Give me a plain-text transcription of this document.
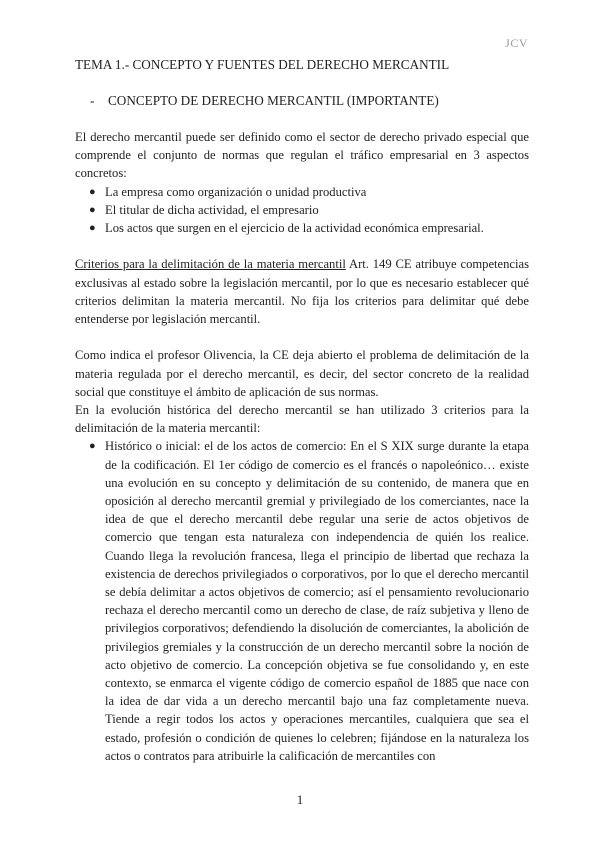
JCV
TEMA 1.- CONCEPTO Y FUENTES DEL DERECHO MERCANTIL
- CONCEPTO DE DERECHO MERCANTIL (IMPORTANTE)

El derecho mercantil puede ser definido como el sector de derecho privado especial que comprende el conjunto de normas que regulan el tráfico empresarial en 3 aspectos concretos:

● La empresa como organización o unidad productiva
● El titular de dicha actividad, el empresario
● Los actos que surgen en el ejercicio de la actividad económica empresarial.

Criterios para la delimitación de la materia mercantil Art. 149 CE atribuye competencias exclusivas al estado sobre la legislación mercantil, por lo que es necesario establecer qué criterios delimitan la materia mercantil. No fija los criterios para delimitar qué debe entenderse por legislación mercantil.

Como indica el profesor Olivencia, la CE deja abierto el problema de delimitación de la materia regulada por el derecho mercantil, es decir, del sector concreto de la realidad social que constituye el ámbito de aplicación de sus normas.

En la evolución histórica del derecho mercantil se han utilizado 3 criterios para la delimitación de la materia mercantil:

● Histórico o inicial: el de los actos de comercio: En el S XIX surge durante la etapa de la codificación. El 1er código de comercio es el francés o napoleónico… existe una evolución en su concepto y delimitación de su contenido, de manera que en oposición al derecho mercantil gremial y privilegiado de los comerciantes, nace la idea de que el derecho mercantil debe regular una serie de actos objetivos de comercio que tengan esta naturaleza con independencia de quién los realice. Cuando llega la revolución francesa, llega el principio de libertad que rechaza la existencia de derechos privilegiados o corporativos, por lo que el derecho mercantil se debía delimitar a actos objetivos de comercio; así el pensamiento revolucionario rechaza el derecho mercantil como un derecho de clase, de raíz subjetiva y lleno de privilegios corporativos; defendiendo la disolución de comerciantes, la abolición de privilegios gremiales y la construcción de un derecho mercantil sobre la noción de acto objetivo de comercio. La concepción objetiva se fue consolidando y, en este contexto, se enmarca el vigente código de comercio español de 1885 que nace con la idea de dar vida a un derecho mercantil bajo una faz completamente nueva. Tiende a regir todos los actos y operaciones mercantiles, cualquiera que sea el estado, profesión o condición de quienes lo celebren; fijándose en la naturaleza los actos o contratos para atribuirle la calificación de mercantiles con
1
